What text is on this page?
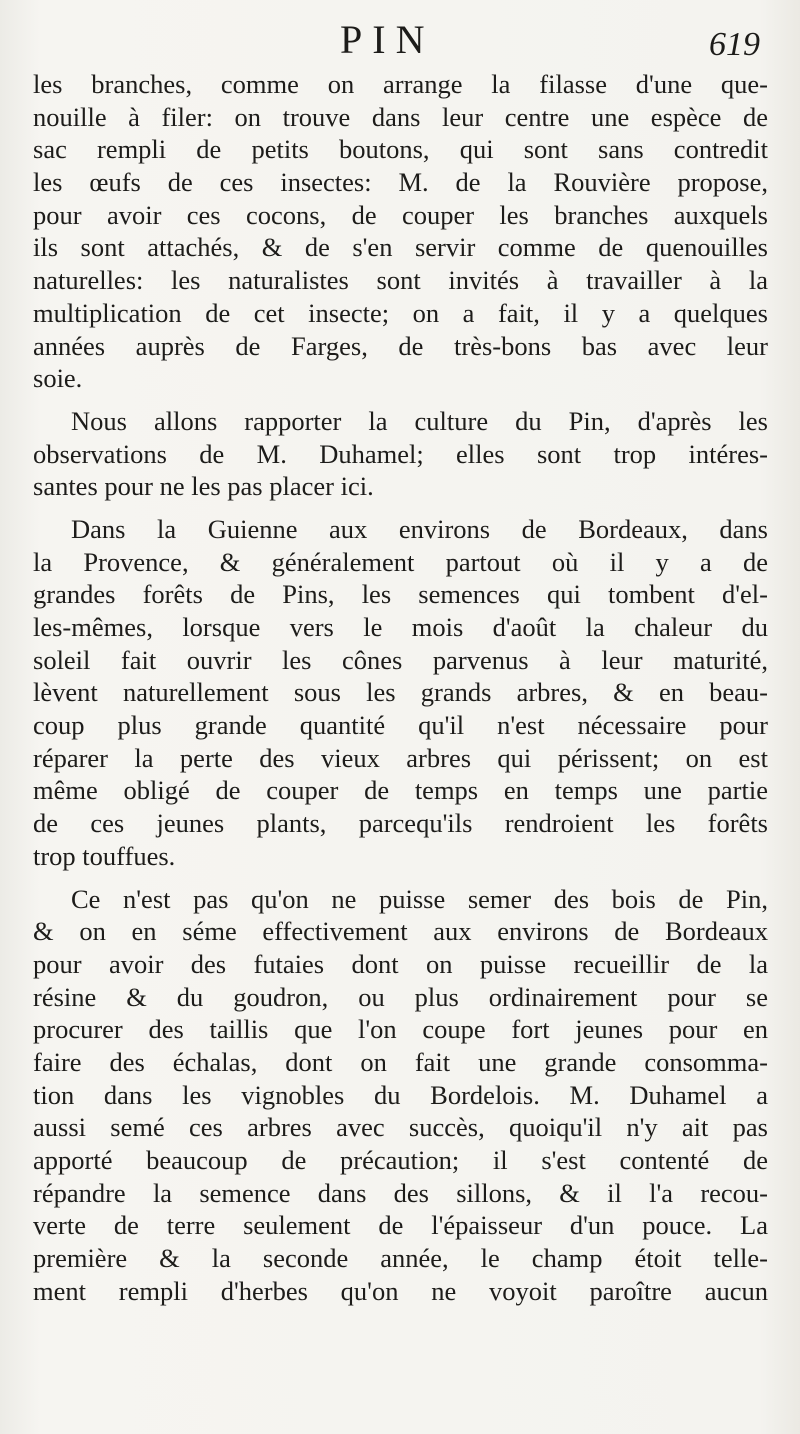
PIN	619
les branches, comme on arrange la filasse d'une que-
nouille à filer: on trouve dans leur centre une espèce de
sac rempli de petits boutons, qui sont sans contredit
les œufs de ces insectes: M. de la Rouvière propose,
pour avoir ces cocons, de couper les branches auxquels
ils sont attachés, & de s'en servir comme de quenouilles
naturelles: les naturalistes sont invités à travailler à la
multiplication de cet insecte; on a fait, il y a quelques
années auprès de Farges, de très-bons bas avec leur
soie.
Nous allons rapporter la culture du Pin, d'après les
observations de M. Duhamel; elles sont trop intéres-
santes pour ne les pas placer ici.
Dans la Guienne aux environs de Bordeaux, dans
la Provence, & généralement partout où il y a de
grandes forêts de Pins, les semences qui tombent d'el-
les-mêmes, lorsque vers le mois d'août la chaleur du
soleil fait ouvrir les cônes parvenus à leur maturité,
lèvent naturellement sous les grands arbres, & en beau-
coup plus grande quantité qu'il n'est nécessaire pour
réparer la perte des vieux arbres qui périssent; on est
même obligé de couper de temps en temps une partie
de ces jeunes plants, parcequ'ils rendroient les forêts
trop touffues.
Ce n'est pas qu'on ne puisse semer des bois de Pin,
& on en séme effectivement aux environs de Bordeaux
pour avoir des futaies dont on puisse recueillir de la
résine & du goudron, ou plus ordinairement pour se
procurer des taillis que l'on coupe fort jeunes pour en
faire des échalas, dont on fait une grande consomma-
tion dans les vignobles du Bordelois. M. Duhamel a
aussi semé ces arbres avec succès, quoiqu'il n'y ait pas
apporté beaucoup de précaution; il s'est contenté de
répandre la semence dans des sillons, & il l'a recou-
verte de terre seulement de l'épaisseur d'un pouce. La
première & la seconde année, le champ étoit telle-
ment rempli d'herbes qu'on ne voyoit paroître aucun
